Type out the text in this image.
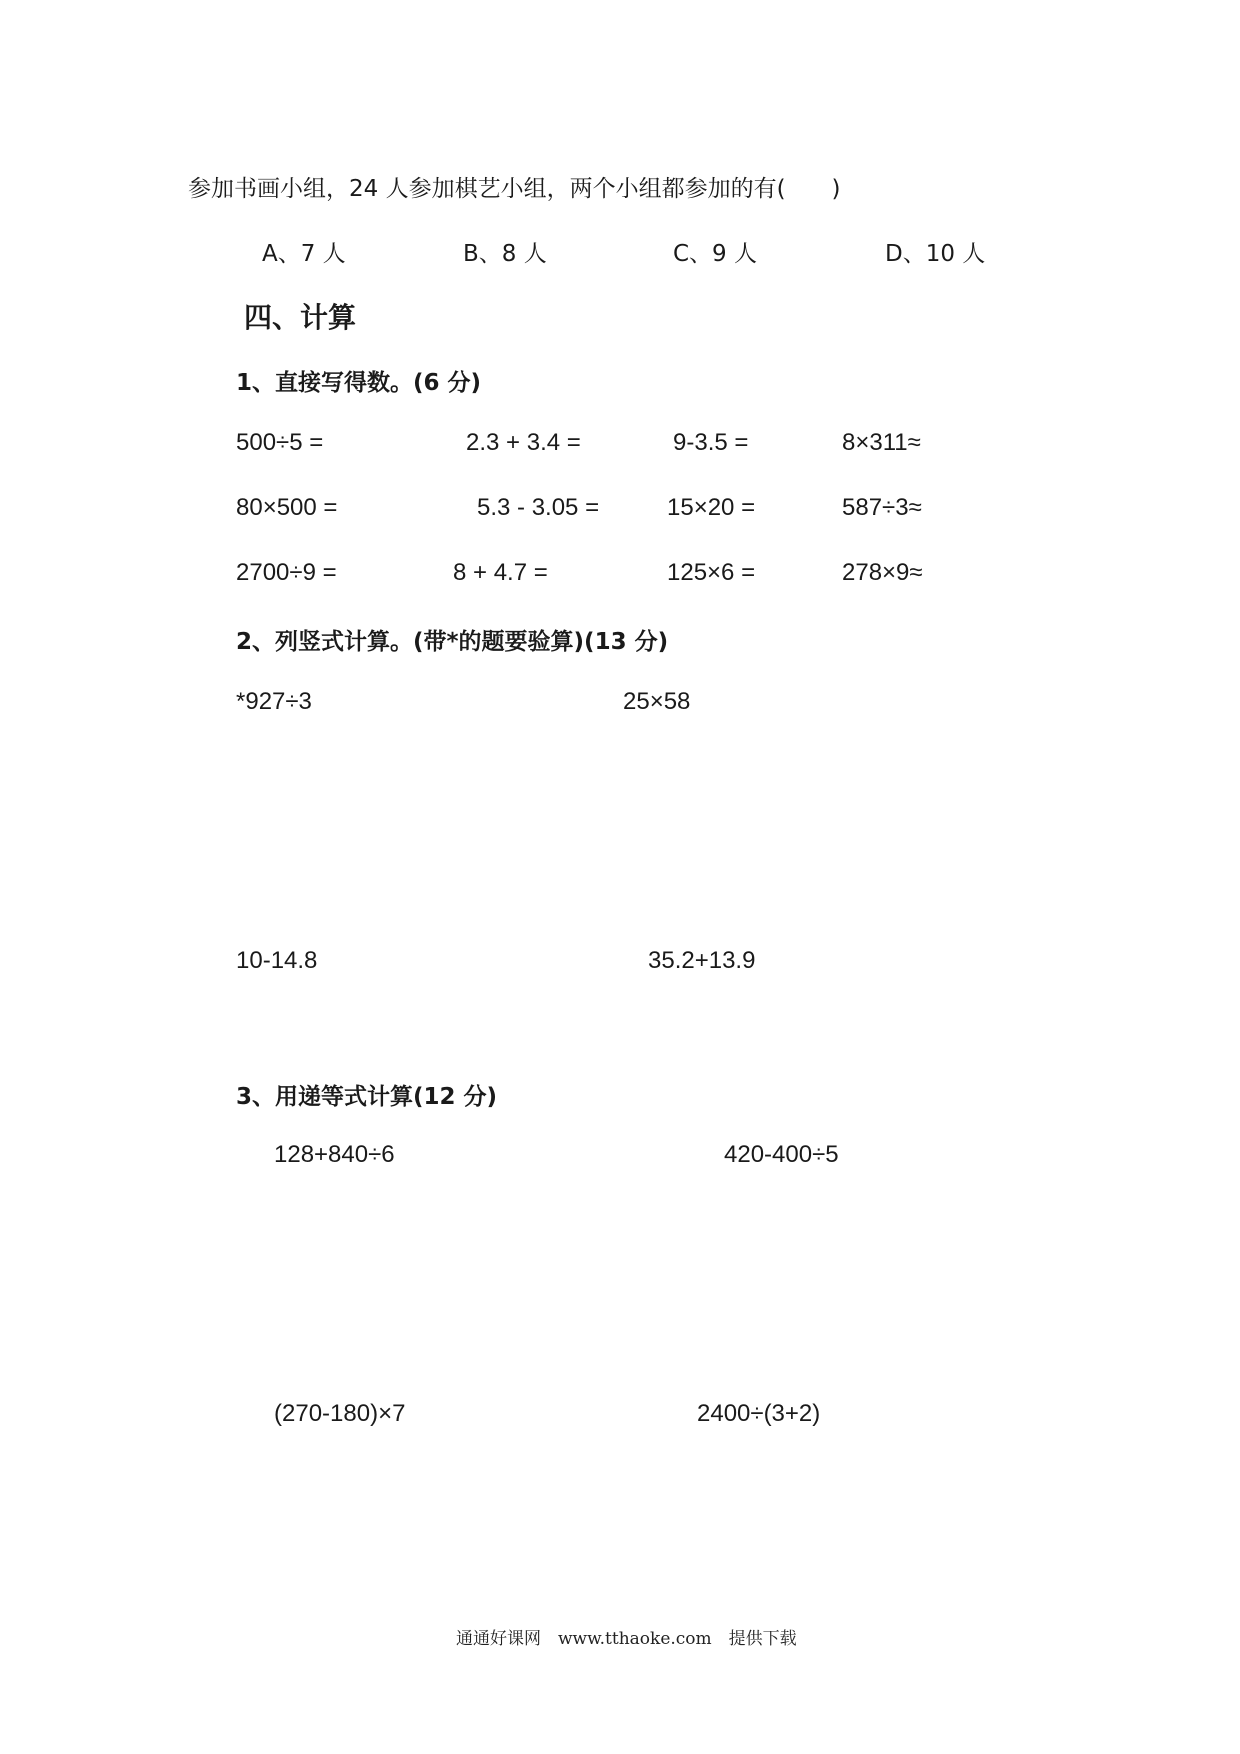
参加书画小组，24 人参加棋艺小组，两个小组都参加的有(　　)
A、7 人	B、8 人	C、9 人	D、10 人
四、计算
1、直接写得数。(6 分)
500÷5 =	2.3 + 3.4 =	9-3.5 =	8×311≈
80×500 =	5.3 - 3.05 =	15×20 =	587÷3≈
2700÷9 =	8 + 4.7 =	125×6 =	278×9≈
2、列竖式计算。(带*的题要验算)(13 分)
*927÷3	25×58
10-14.8	35.2+13.9
3、用递等式计算(12 分)
128+840÷6	420-400÷5
(270-180)×7	2400÷(3+2)
通通好课网　www.tthaoke.com　提供下载
